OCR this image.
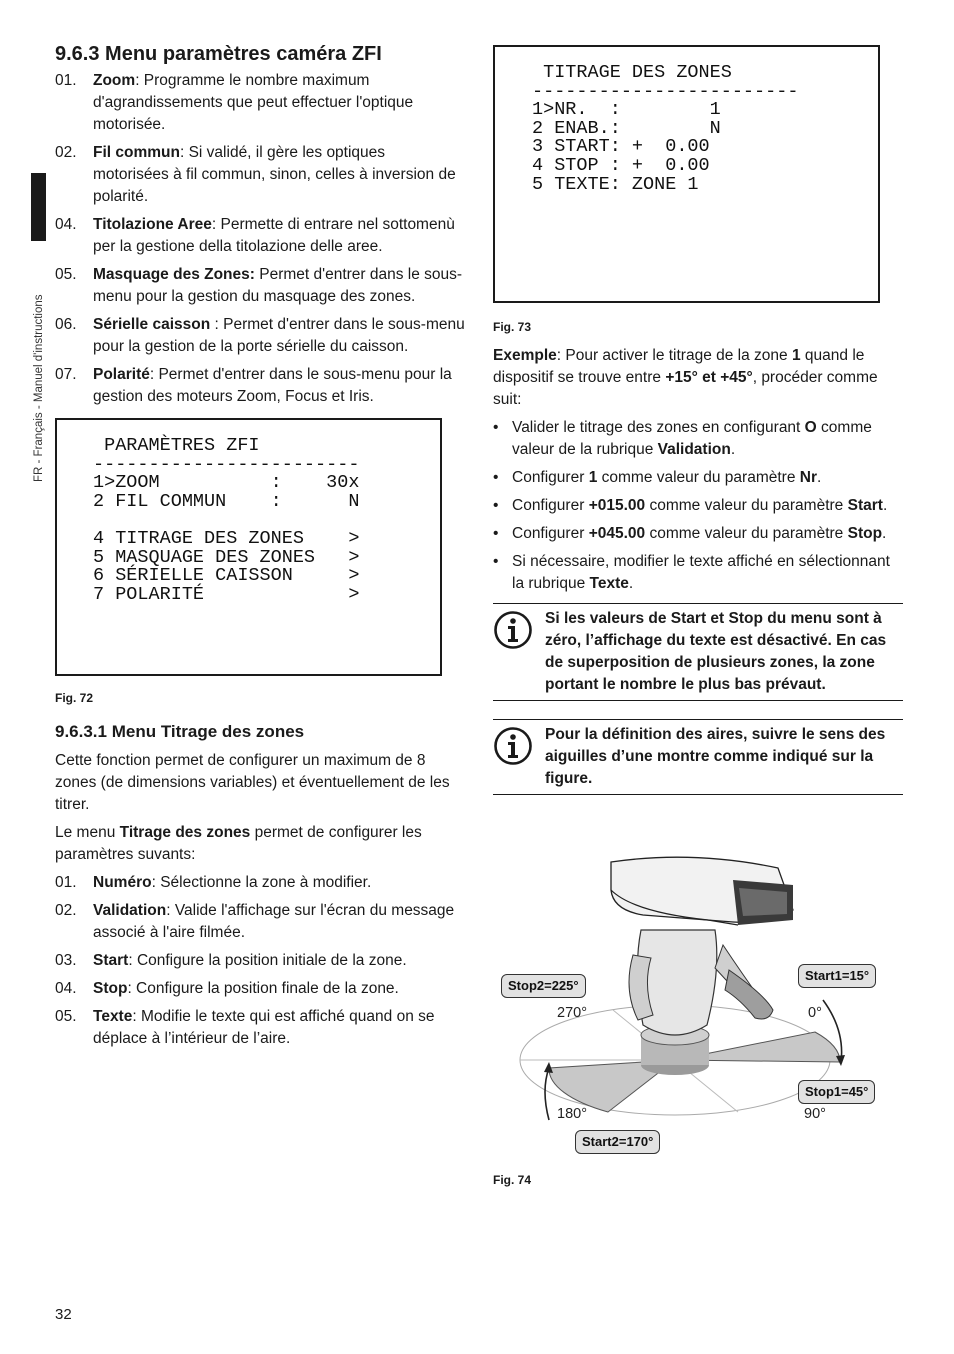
FR - Français - Manuel d'instructions
9.6.3 Menu paramètres caméra ZFI
01.	Zoom: Programme le nombre maximum d'agrandissements que peut effectuer l'optique motorisée.
02.	Fil commun: Si validé, il gère les optiques motorisées à fil commun, sinon, celles à inversion de polarité.
04.	Titolazione Aree: Permette di entrare nel sottomenù per la gestione della titolazione delle aree.
05.	Masquage des Zones: Permet d'entrer dans le sous-menu pour la gestion du masquage des zones.
06.	Sérielle caisson : Permet d'entrer dans le sous-menu pour la gestion de la porte sérielle du caisson.
07.	Polarité: Permet d'entrer dans le sous-menu pour la gestion des moteurs Zoom, Focus et Iris.
PARAMÈTRES ZFI
------------------------
1>ZOOM          :    30x
2 FIL COMMUN    :      N
4 TITRAGE DES ZONES    >
5 MASQUAGE DES ZONES   >
6 SÉRIELLE CAISSON     >
7 POLARITÉ             >

Fig. 72

9.6.3.1 Menu Titrage des zones

Cette fonction permet de configurer un maximum de 8 zones (de dimensions variables) et éventuellement de les titrer.

Le menu Titrage des zones permet de configurer les paramètres suvants:

01.	Numéro: Sélectionne la zone à modifier.
02.	Validation: Valide l'affichage sur l'écran du message associé à l'aire filmée.
03.	Start: Configure la position initiale de la zone.
04.	Stop: Configure la position finale de la zone.
05.	Texte: Modifie le texte qui est affiché quand on se déplace à l’intérieur de l’aire.
TITRAGE DES ZONES
------------------------
1>NR.  :        1
2 ENAB.:        N
3 START: +  0.00
4 STOP : +  0.00
5 TEXTE: ZONE 1

Fig. 73

Exemple: Pour activer le titrage de la zone 1 quand le dispositif se trouve entre +15° et +45°, procéder comme suit:

• Valider le titrage des zones en configurant O comme valeur de la rubrique Validation.
• Configurer 1 comme valeur du paramètre Nr.
• Configurer +015.00 comme valeur du paramètre Start.
• Configurer +045.00 comme valeur du paramètre Stop.
• Si nécessaire, modifier le texte affiché en sélectionnant la rubrique Texte.
Si les valeurs de Start et Stop du menu sont à zéro, l’affichage du texte est désactivé. En cas de superposition de plusieurs zones, la zone portant le nombre le plus bas prévaut.
Pour la définition des aires, suivre le sens des aiguilles d’une montre comme indiqué sur la figure.
Stop2=225°
Start1=15°
Stop1=45°
Start2=170°
270°	0°
180°	90°

Fig. 74

32
